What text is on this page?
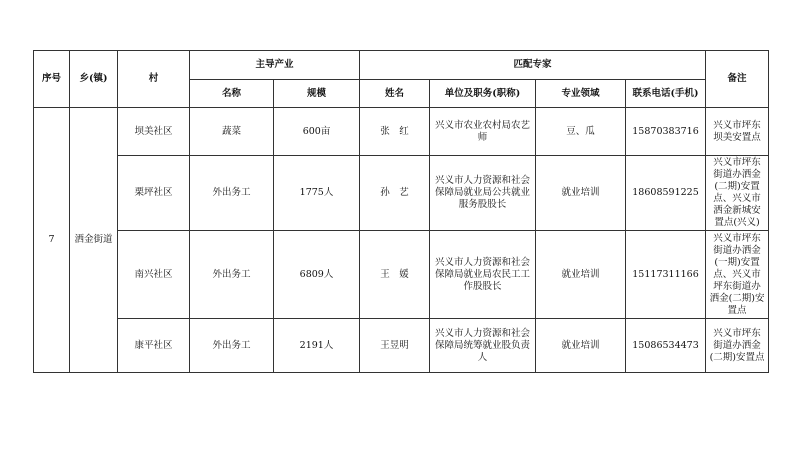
序号	乡(镇)	村	主导产业		匹配专家				备注
			名称	规模	姓名	单位及职务(职称)	专业领域	联系电话(手机)	
7	洒金街道	坝美社区	蔬菜	600亩	张　红	兴义市农业农村局农艺师	豆、瓜	15870383716	兴义市坪东坝美安置点
		栗坪社区	外出务工	1775人	孙　艺	兴义市人力资源和社会保障局就业局公共就业服务股股长	就业培训	18608591225	兴义市坪东街道办洒金(二期)安置点、兴义市洒金新城安置点(兴义)
		南兴社区	外出务工	6809人	王　媛	兴义市人力资源和社会保障局就业局农民工工作股股长	就业培训	15117311166	兴义市坪东街道办洒金(一期)安置点、兴义市坪东街道办洒金(二期)安置点
		康平社区	外出务工	2191人	王昱明	兴义市人力资源和社会保障局统筹就业股负责人	就业培训	15086534473	兴义市坪东街道办洒金(二期)安置点
